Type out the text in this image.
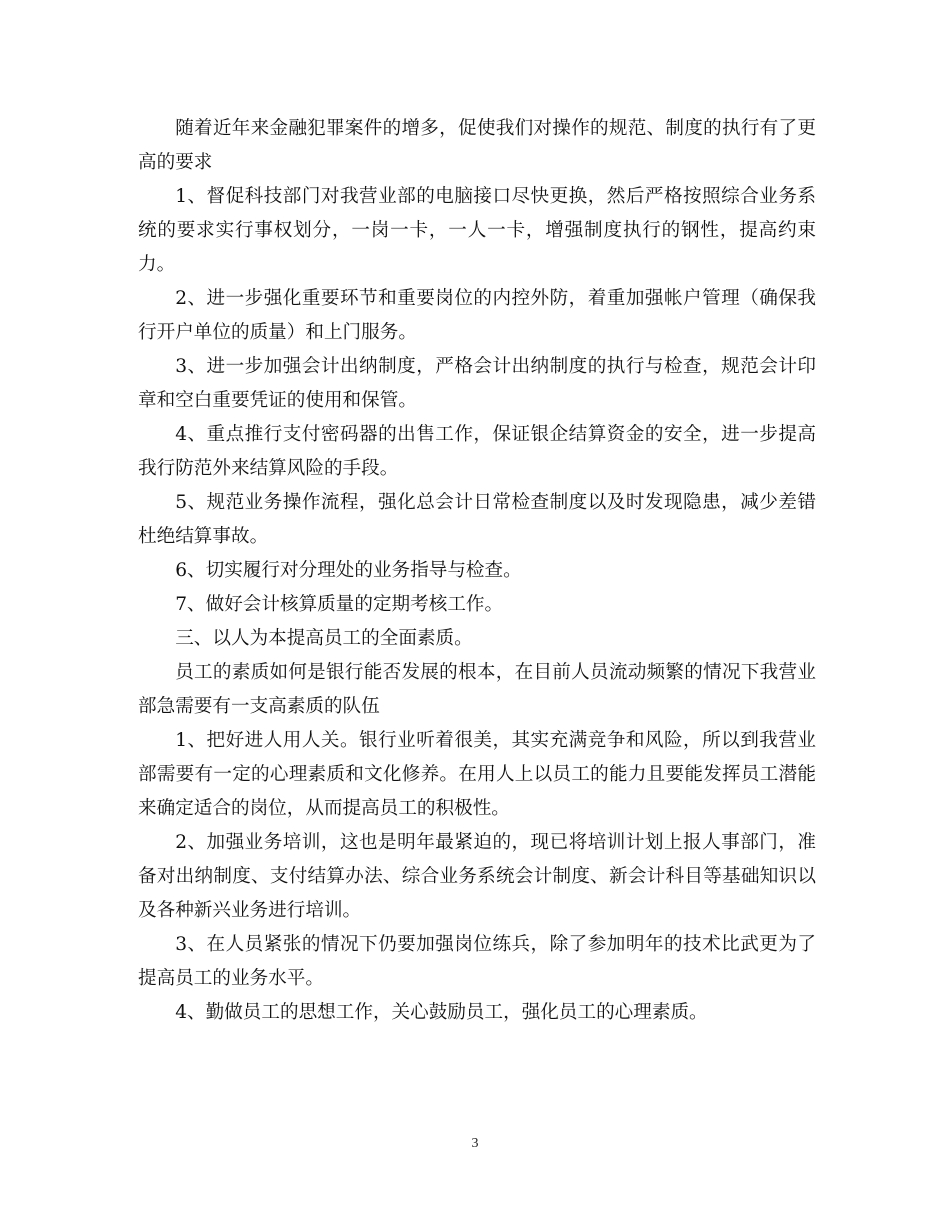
随着近年来金融犯罪案件的增多，促使我们对操作的规范、制度的执行有了更高的要求

1、督促科技部门对我营业部的电脑接口尽快更换，然后严格按照综合业务系统的要求实行事权划分，一岗一卡，一人一卡，增强制度执行的钢性，提高约束力。

2、进一步强化重要环节和重要岗位的内控外防，着重加强帐户管理（确保我行开户单位的质量）和上门服务。

3、进一步加强会计出纳制度，严格会计出纳制度的执行与检查，规范会计印章和空白重要凭证的使用和保管。

4、重点推行支付密码器的出售工作，保证银企结算资金的安全，进一步提高我行防范外来结算风险的手段。

5、规范业务操作流程，强化总会计日常检查制度以及时发现隐患，减少差错杜绝结算事故。

6、切实履行对分理处的业务指导与检查。

7、做好会计核算质量的定期考核工作。

三、以人为本提高员工的全面素质。

员工的素质如何是银行能否发展的根本，在目前人员流动频繁的情况下我营业部急需要有一支高素质的队伍

1、把好进人用人关。银行业听着很美，其实充满竞争和风险，所以到我营业部需要有一定的心理素质和文化修养。在用人上以员工的能力且要能发挥员工潜能来确定适合的岗位，从而提高员工的积极性。

2、加强业务培训，这也是明年最紧迫的，现已将培训计划上报人事部门，准备对出纳制度、支付结算办法、综合业务系统会计制度、新会计科目等基础知识以及各种新兴业务进行培训。

3、在人员紧张的情况下仍要加强岗位练兵，除了参加明年的技术比武更为了提高员工的业务水平。

4、勤做员工的思想工作，关心鼓励员工，强化员工的心理素质。

3
